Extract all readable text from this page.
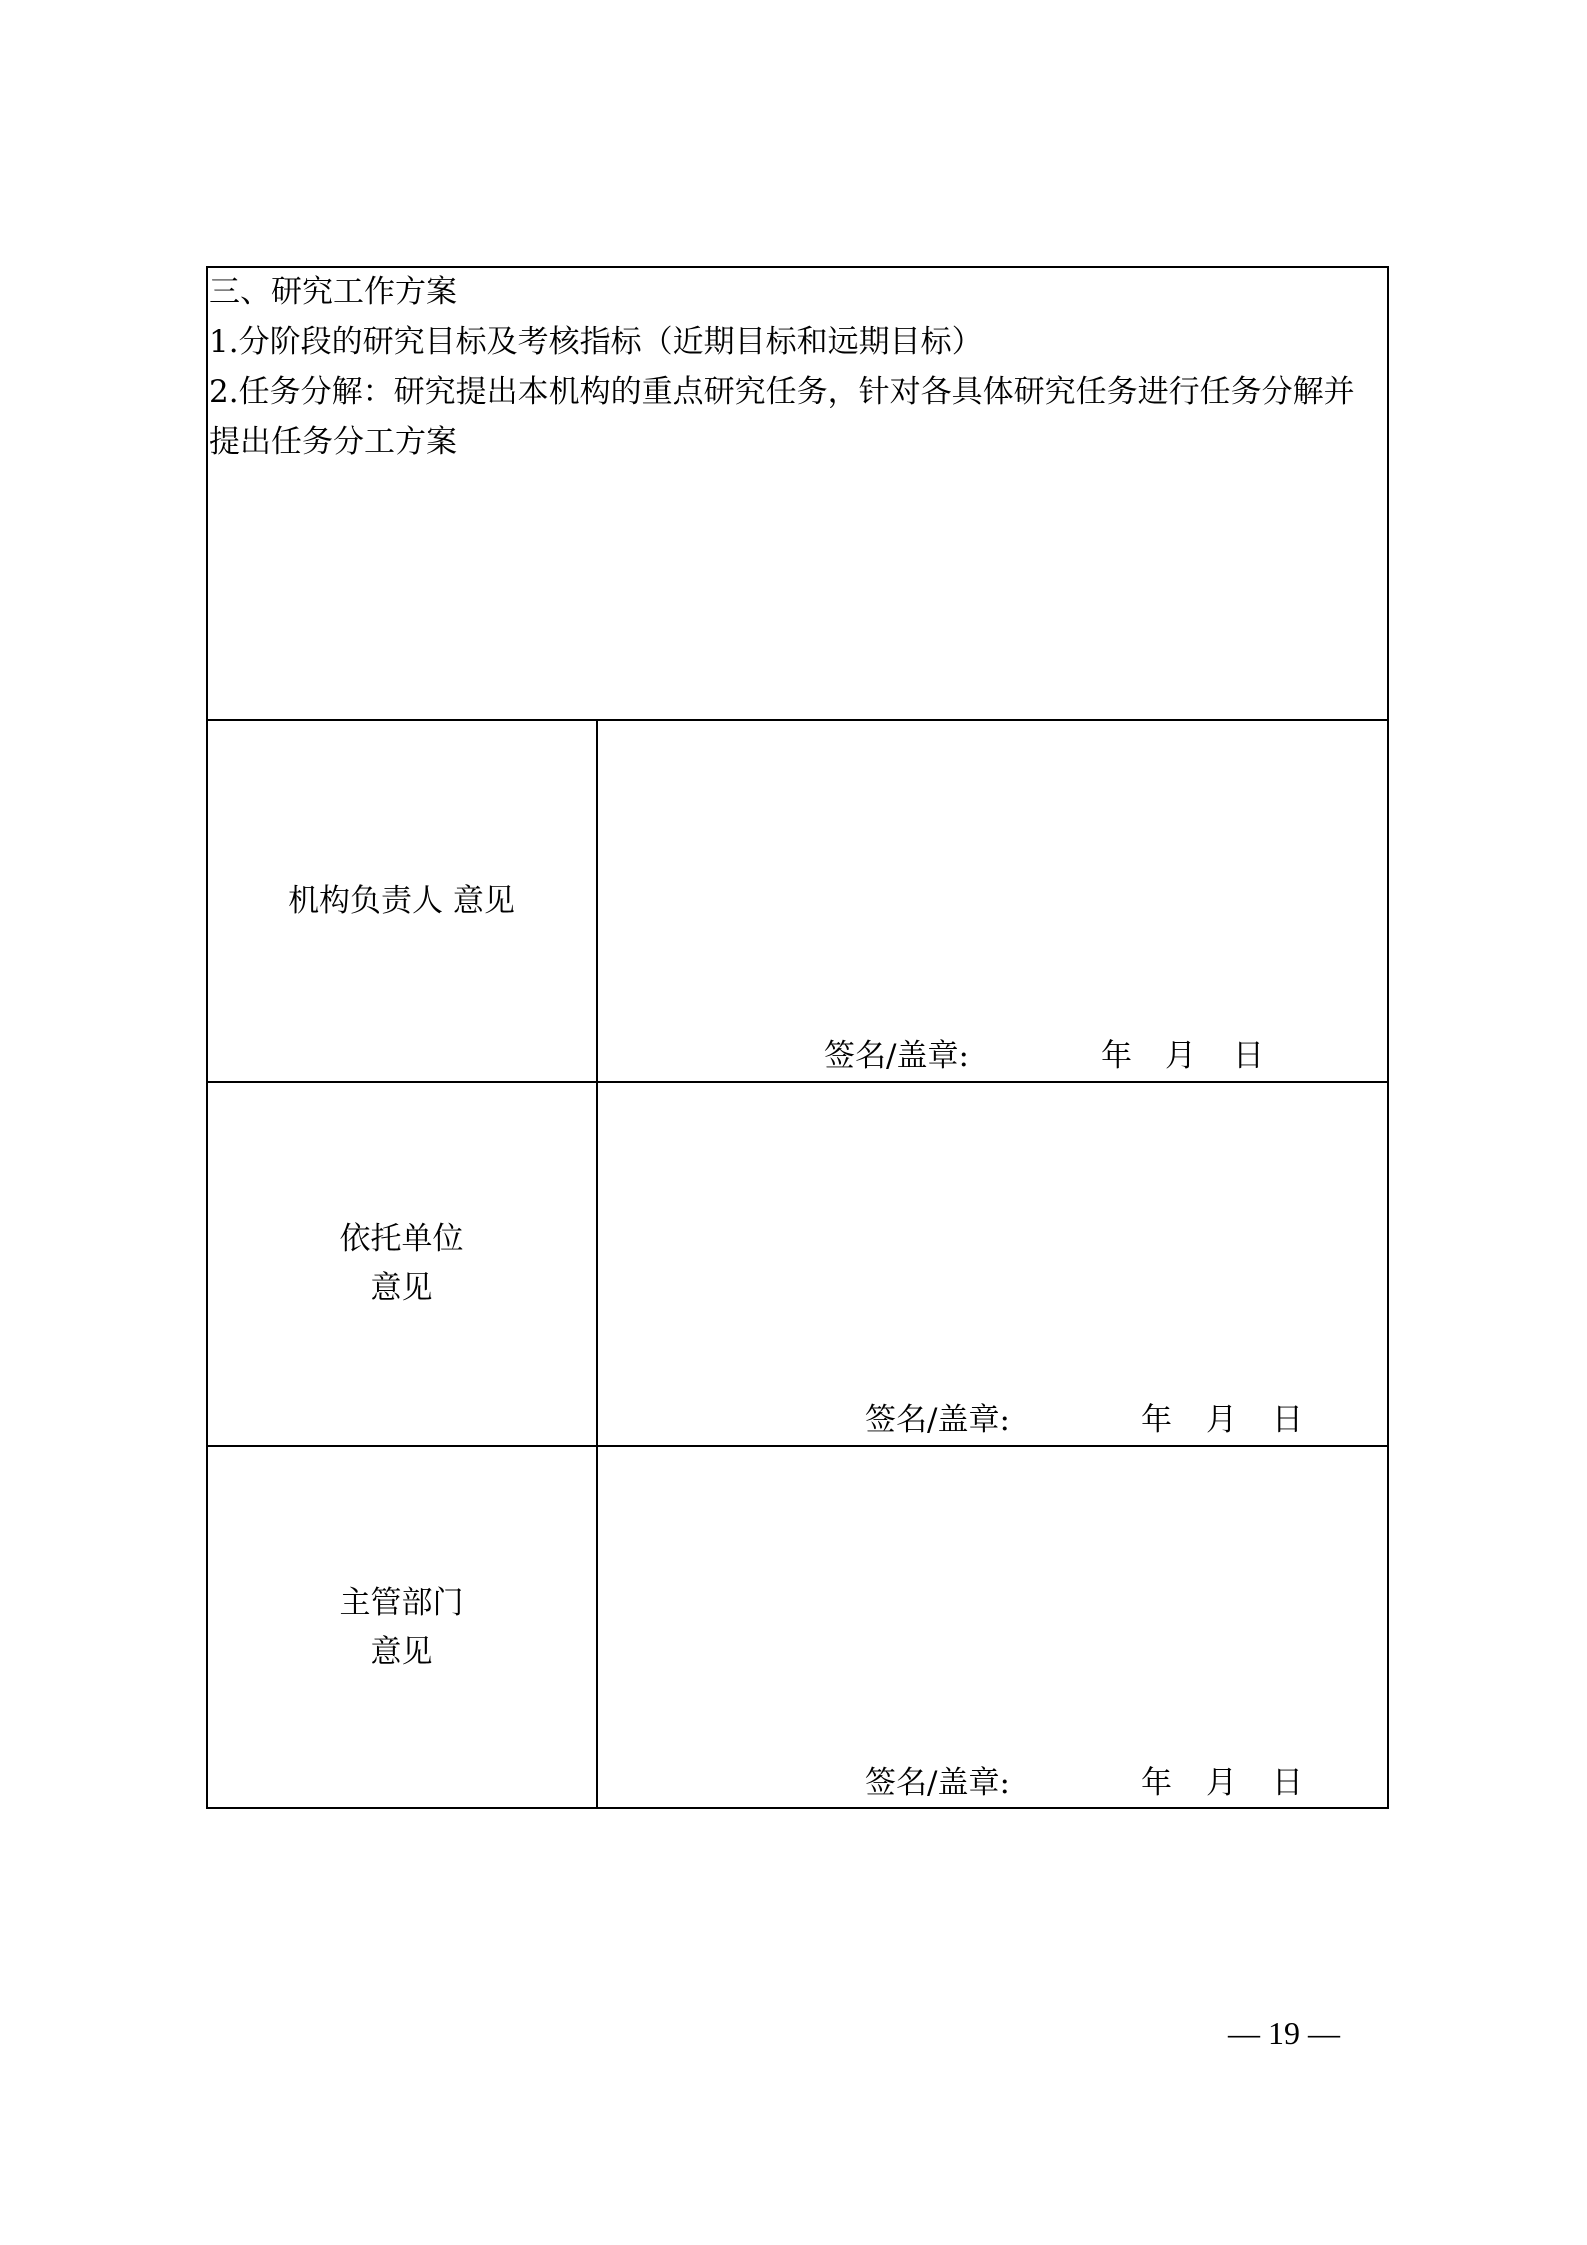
三、研究工作方案
1.分阶段的研究目标及考核指标（近期目标和远期目标）
2.任务分解：研究提出本机构的重点研究任务，针对各具体研究任务进行任务分解并
提出任务分工方案
机构负责人 意见
签名/盖章:	年 月 日
依托单位
意见
签名/盖章:	年 月 日
主管部门
意见
签名/盖章:	年 月 日
— 19 —
